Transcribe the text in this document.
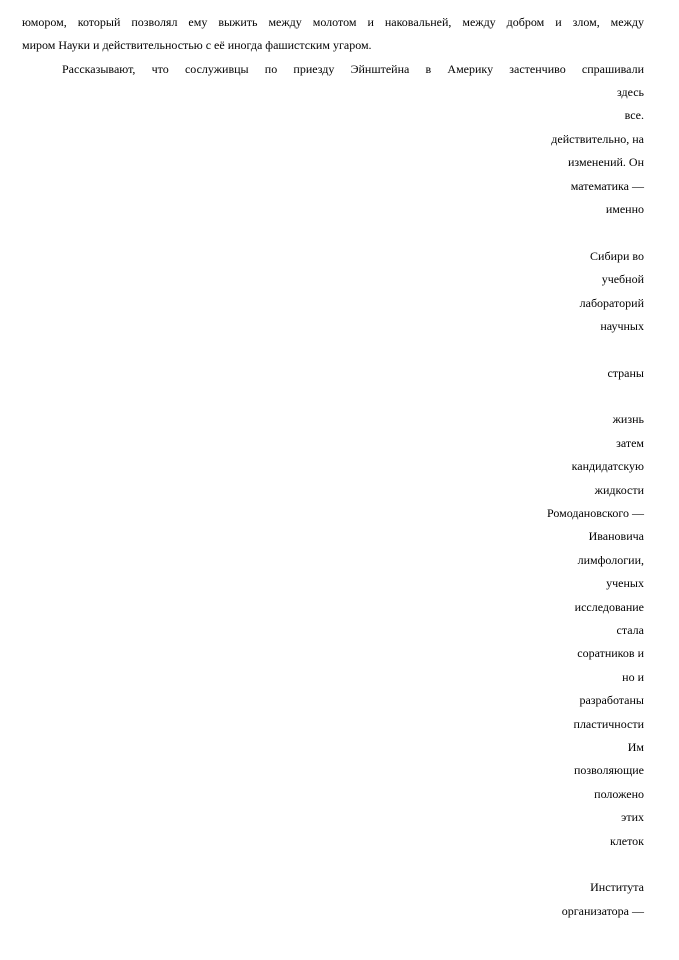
юмором, который позволял ему выжить между молотом и наковальней, между добром и злом, между
миром Науки и действительностью с её иногда фашистским угаром.

Рассказывают, что сослуживцы по приезду Эйнштейна в Америку застенчиво спрашивали

здесь
все.
действительно, на
изменений. Он
математика —
именно
Сибири во
учебной
лабораторий
научных
страны
жизнь
затем
кандидатскую
жидкости
Ромодановского —
Ивановича
лимфологии,
ученых
исследование
стала
соратников и
но и
разработаны
пластичности
Им
позволяющие
положено
этих
клеток
Института
организатора —
